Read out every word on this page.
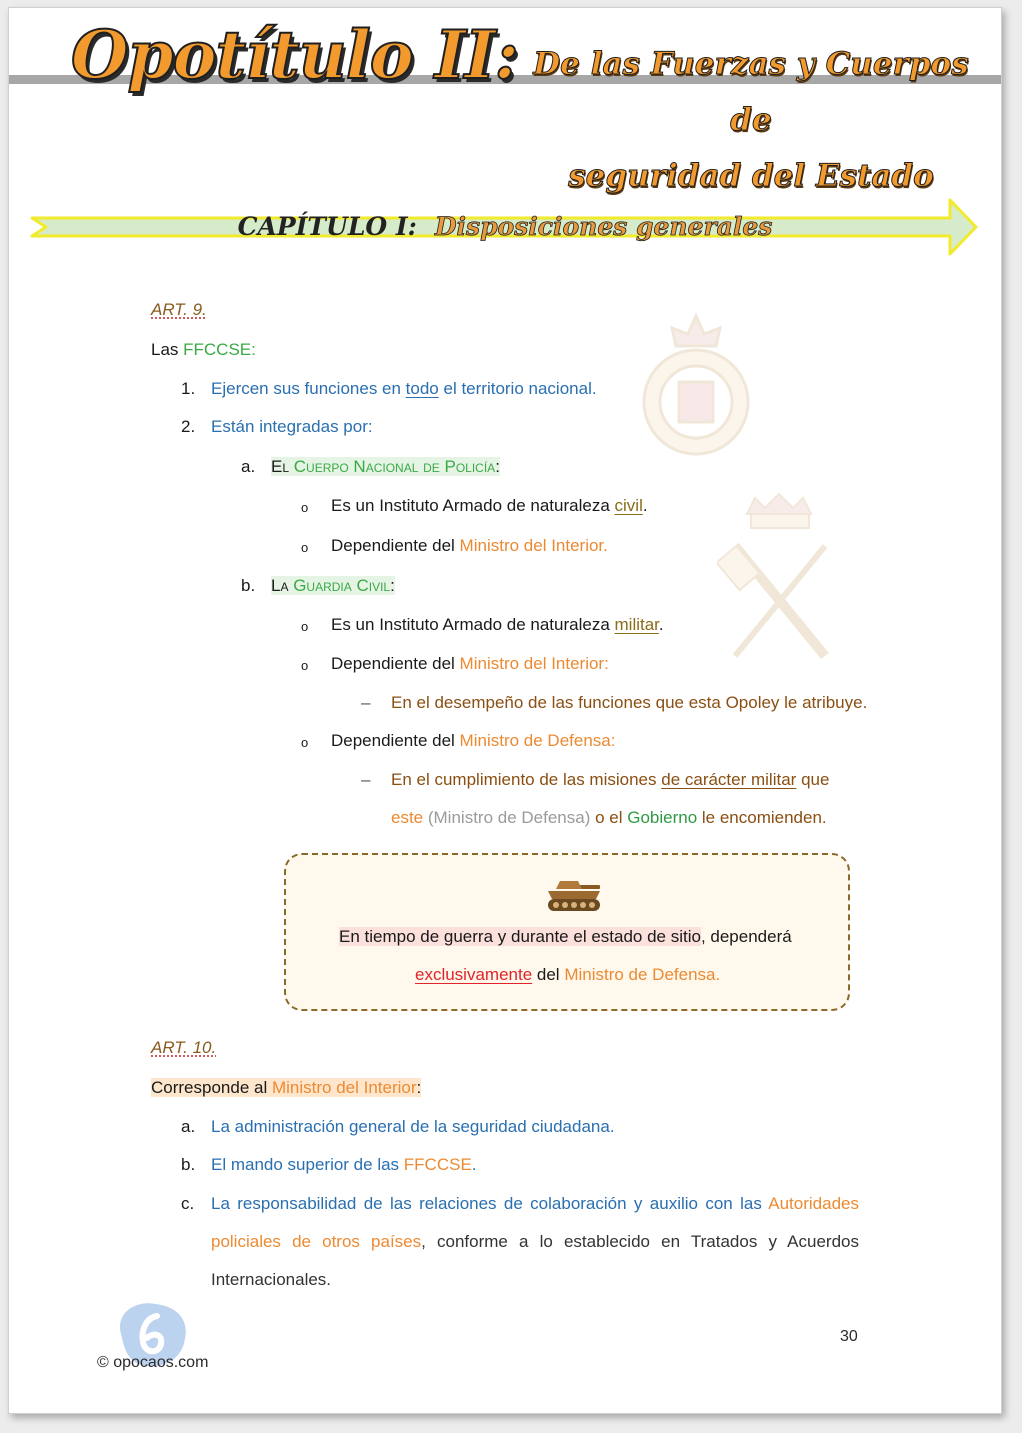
Opotítulo II: De las Fuerzas y Cuerpos de
seguridad del Estado
CAPÍTULO I: Disposiciones generales
ART. 9.
Las FFCCSE:
1. Ejercen sus funciones en todo el territorio nacional.
2. Están integradas por:
a. El Cuerpo Nacional de Policía:
o Es un Instituto Armado de naturaleza civil.
o Dependiente del Ministro del Interior.
b. La Guardia Civil:
o Es un Instituto Armado de naturaleza militar.
o Dependiente del Ministro del Interior:
– En el desempeño de las funciones que esta Opoley le atribuye.
o Dependiente del Ministro de Defensa:
– En el cumplimiento de las misiones de carácter militar que
este (Ministro de Defensa) o el Gobierno le encomienden.
En tiempo de guerra y durante el estado de sitio, dependerá
exclusivamente del Ministro de Defensa.
ART. 10.
Corresponde al Ministro del Interior:
a. La administración general de la seguridad ciudadana.
b. El mando superior de las FFCCSE.
c. La responsabilidad de las relaciones de colaboración y auxilio con las Autoridades
policiales de otros países, conforme a lo establecido en Tratados y Acuerdos
Internacionales.
© opocaos.com
30
